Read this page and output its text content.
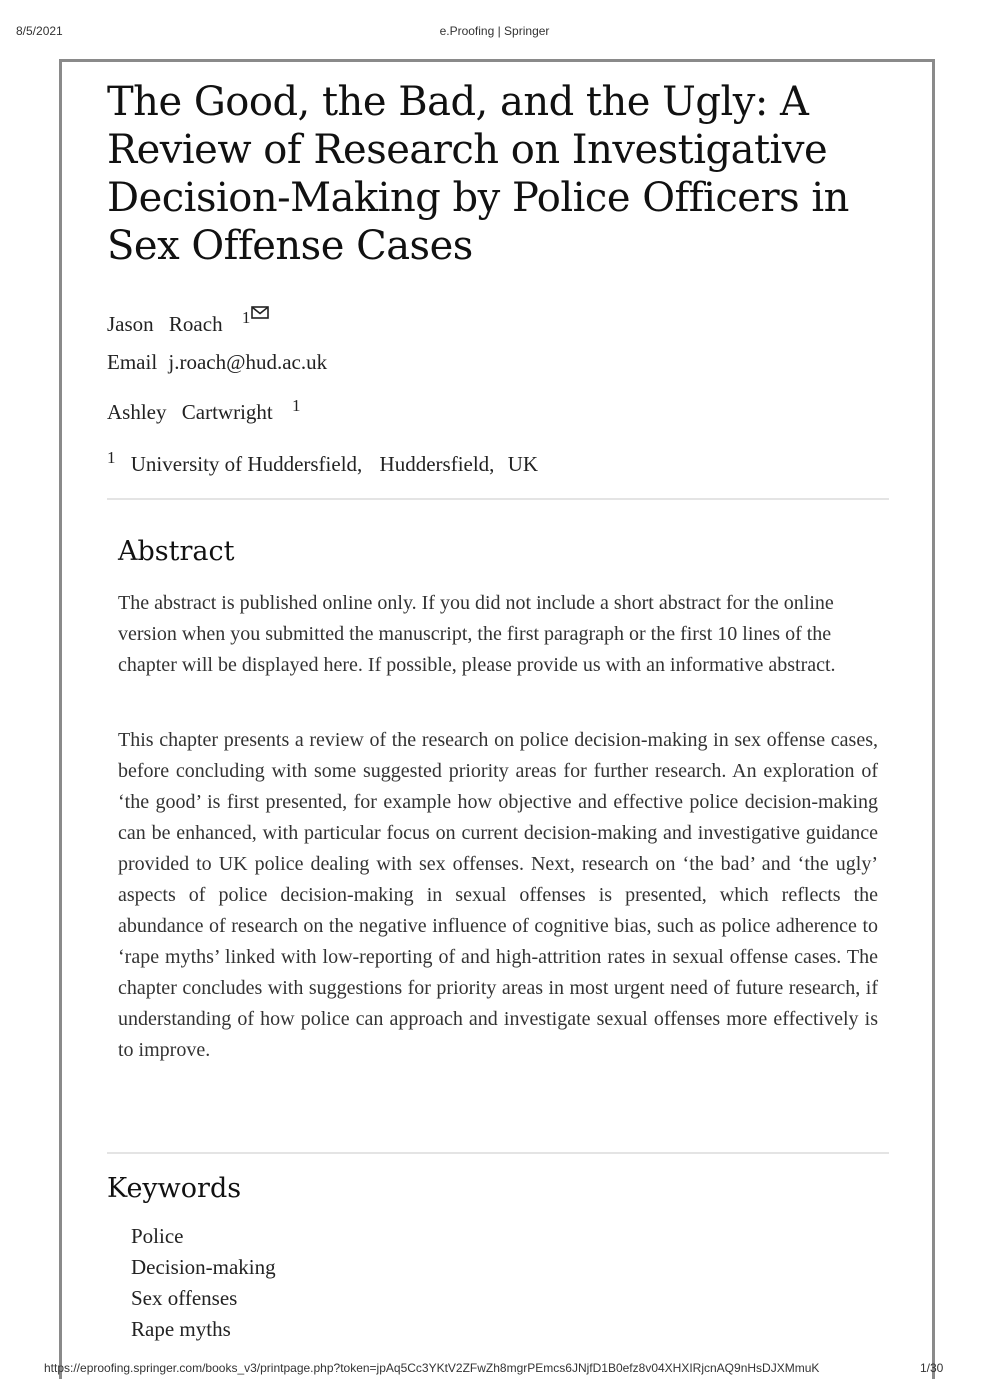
8/5/2021	e.Proofing | Springer
The Good, the Bad, and the Ugly: A Review of Research on Investigative Decision-Making by Police Officers in Sex Offense Cases
Jason Roach $^1$
Email j.roach@hud.ac.uk
Ashley Cartwright $^1$
$^1$ University of Huddersfield, Huddersfield, UK
Abstract

The abstract is published online only. If you did not include a short abstract for the online version when you submitted the manuscript, the first paragraph or the first 10 lines of the chapter will be displayed here. If possible, please provide us with an informative abstract.

This chapter presents a review of the research on police decision-making in sex offense cases, before concluding with some suggested priority areas for further research. An exploration of ‘the good’ is first presented, for example how objective and effective police decision-making can be enhanced, with particular focus on current decision-making and investigative guidance provided to UK police dealing with sex offenses. Next, research on ‘the bad’ and ‘the ugly’ aspects of police decision-making in sexual offenses is presented, which reflects the abundance of research on the negative influence of cognitive bias, such as police adherence to ‘rape myths’ linked with low-reporting of and high-attrition rates in sexual offense cases. The chapter concludes with suggestions for priority areas in most urgent need of future research, if understanding of how police can approach and investigate sexual offenses more effectively is to improve.

Keywords
Police
Decision-making
Sex offenses
Rape myths
https://eproofing.springer.com/books_v3/printpage.php?token=jpAq5Cc3YKtV2ZFwZh8mgrPEmcs6JNjfD1B0efz8v04XHXIRjcnAQ9nHsDJXMmuK	1/30
